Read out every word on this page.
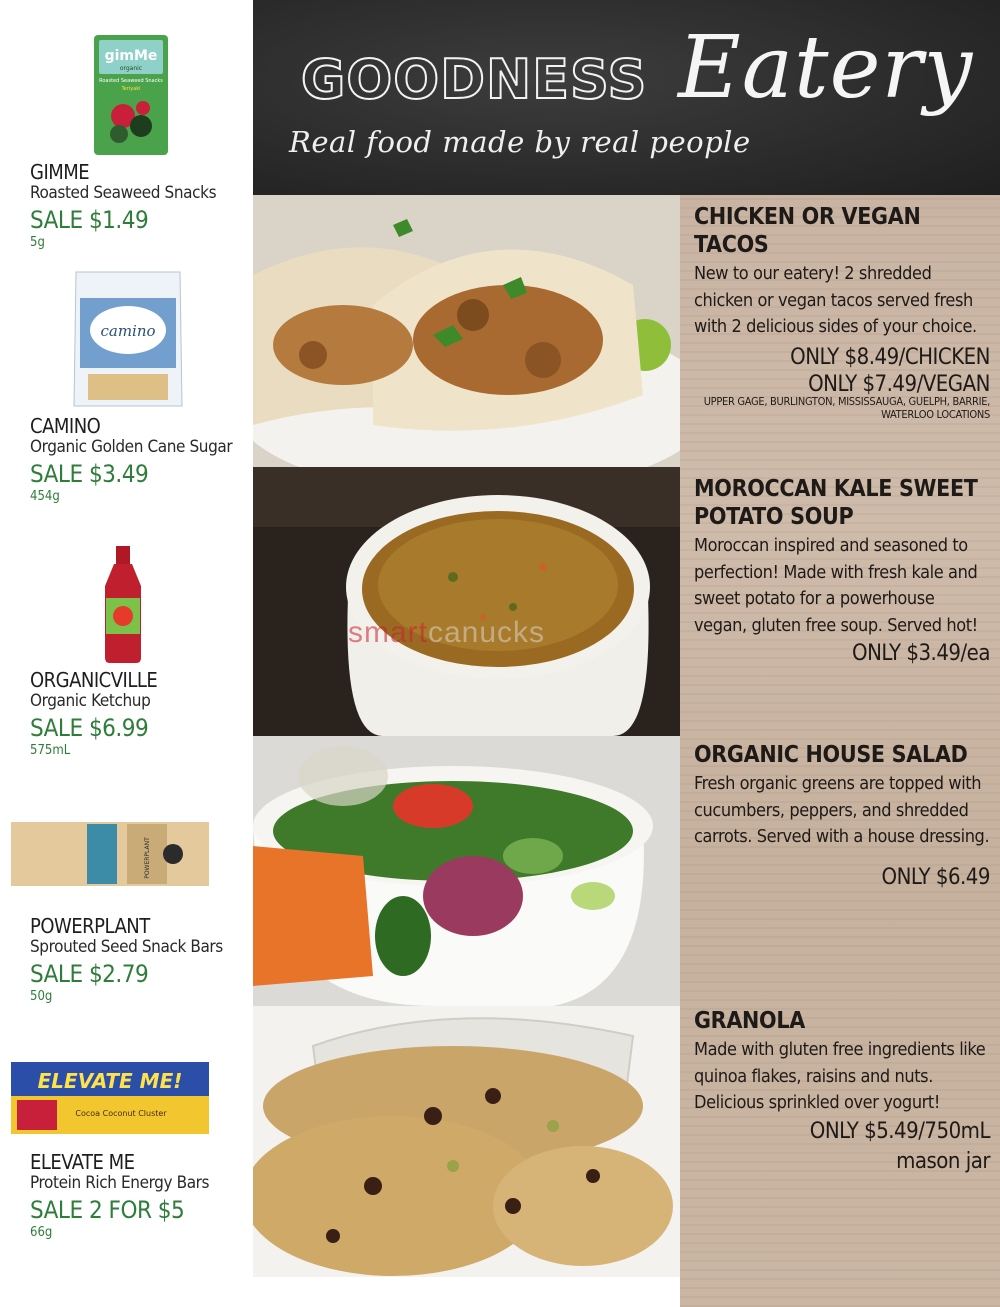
gimMe
organic
Roasted Seaweed Snacks
Teriyaki
GIMME
Roasted Seaweed Snacks
SALE $1.49
5g
camino
CAMINO
Organic Golden Cane Sugar
SALE $3.49
454g
ORGANICVILLE
Organic Ketchup
SALE $6.99
575mL
POWERPLANT
POWERPLANT
Sprouted Seed Snack Bars
SALE $2.79
50g
ELEVATE ME!
Cocoa Coconut Cluster
ELEVATE ME
Protein Rich Energy Bars
SALE 2 FOR $5
66g
GOODNESS Eatery
Real food made by real people
smartcanucks
CHICKEN OR VEGAN TACOS
New to our eatery! 2 shredded chicken or vegan tacos served fresh with 2 delicious sides of your choice.
ONLY $8.49/CHICKEN
ONLY $7.49/VEGAN
UPPER GAGE, BURLINGTON, MISSISSAUGA, GUELPH, BARRIE, WATERLOO LOCATIONS
MOROCCAN KALE SWEET POTATO SOUP
Moroccan inspired and seasoned to perfection! Made with fresh kale and sweet potato for a powerhouse vegan, gluten free soup. Served hot!
ONLY $3.49/ea
ORGANIC HOUSE SALAD
Fresh organic greens are topped with cucumbers, peppers, and shredded carrots. Served with a house dressing.
ONLY $6.49
GRANOLA
Made with gluten free ingredients like quinoa flakes, raisins and nuts. Delicious sprinkled over yogurt!
ONLY $5.49/750mL
mason jar
